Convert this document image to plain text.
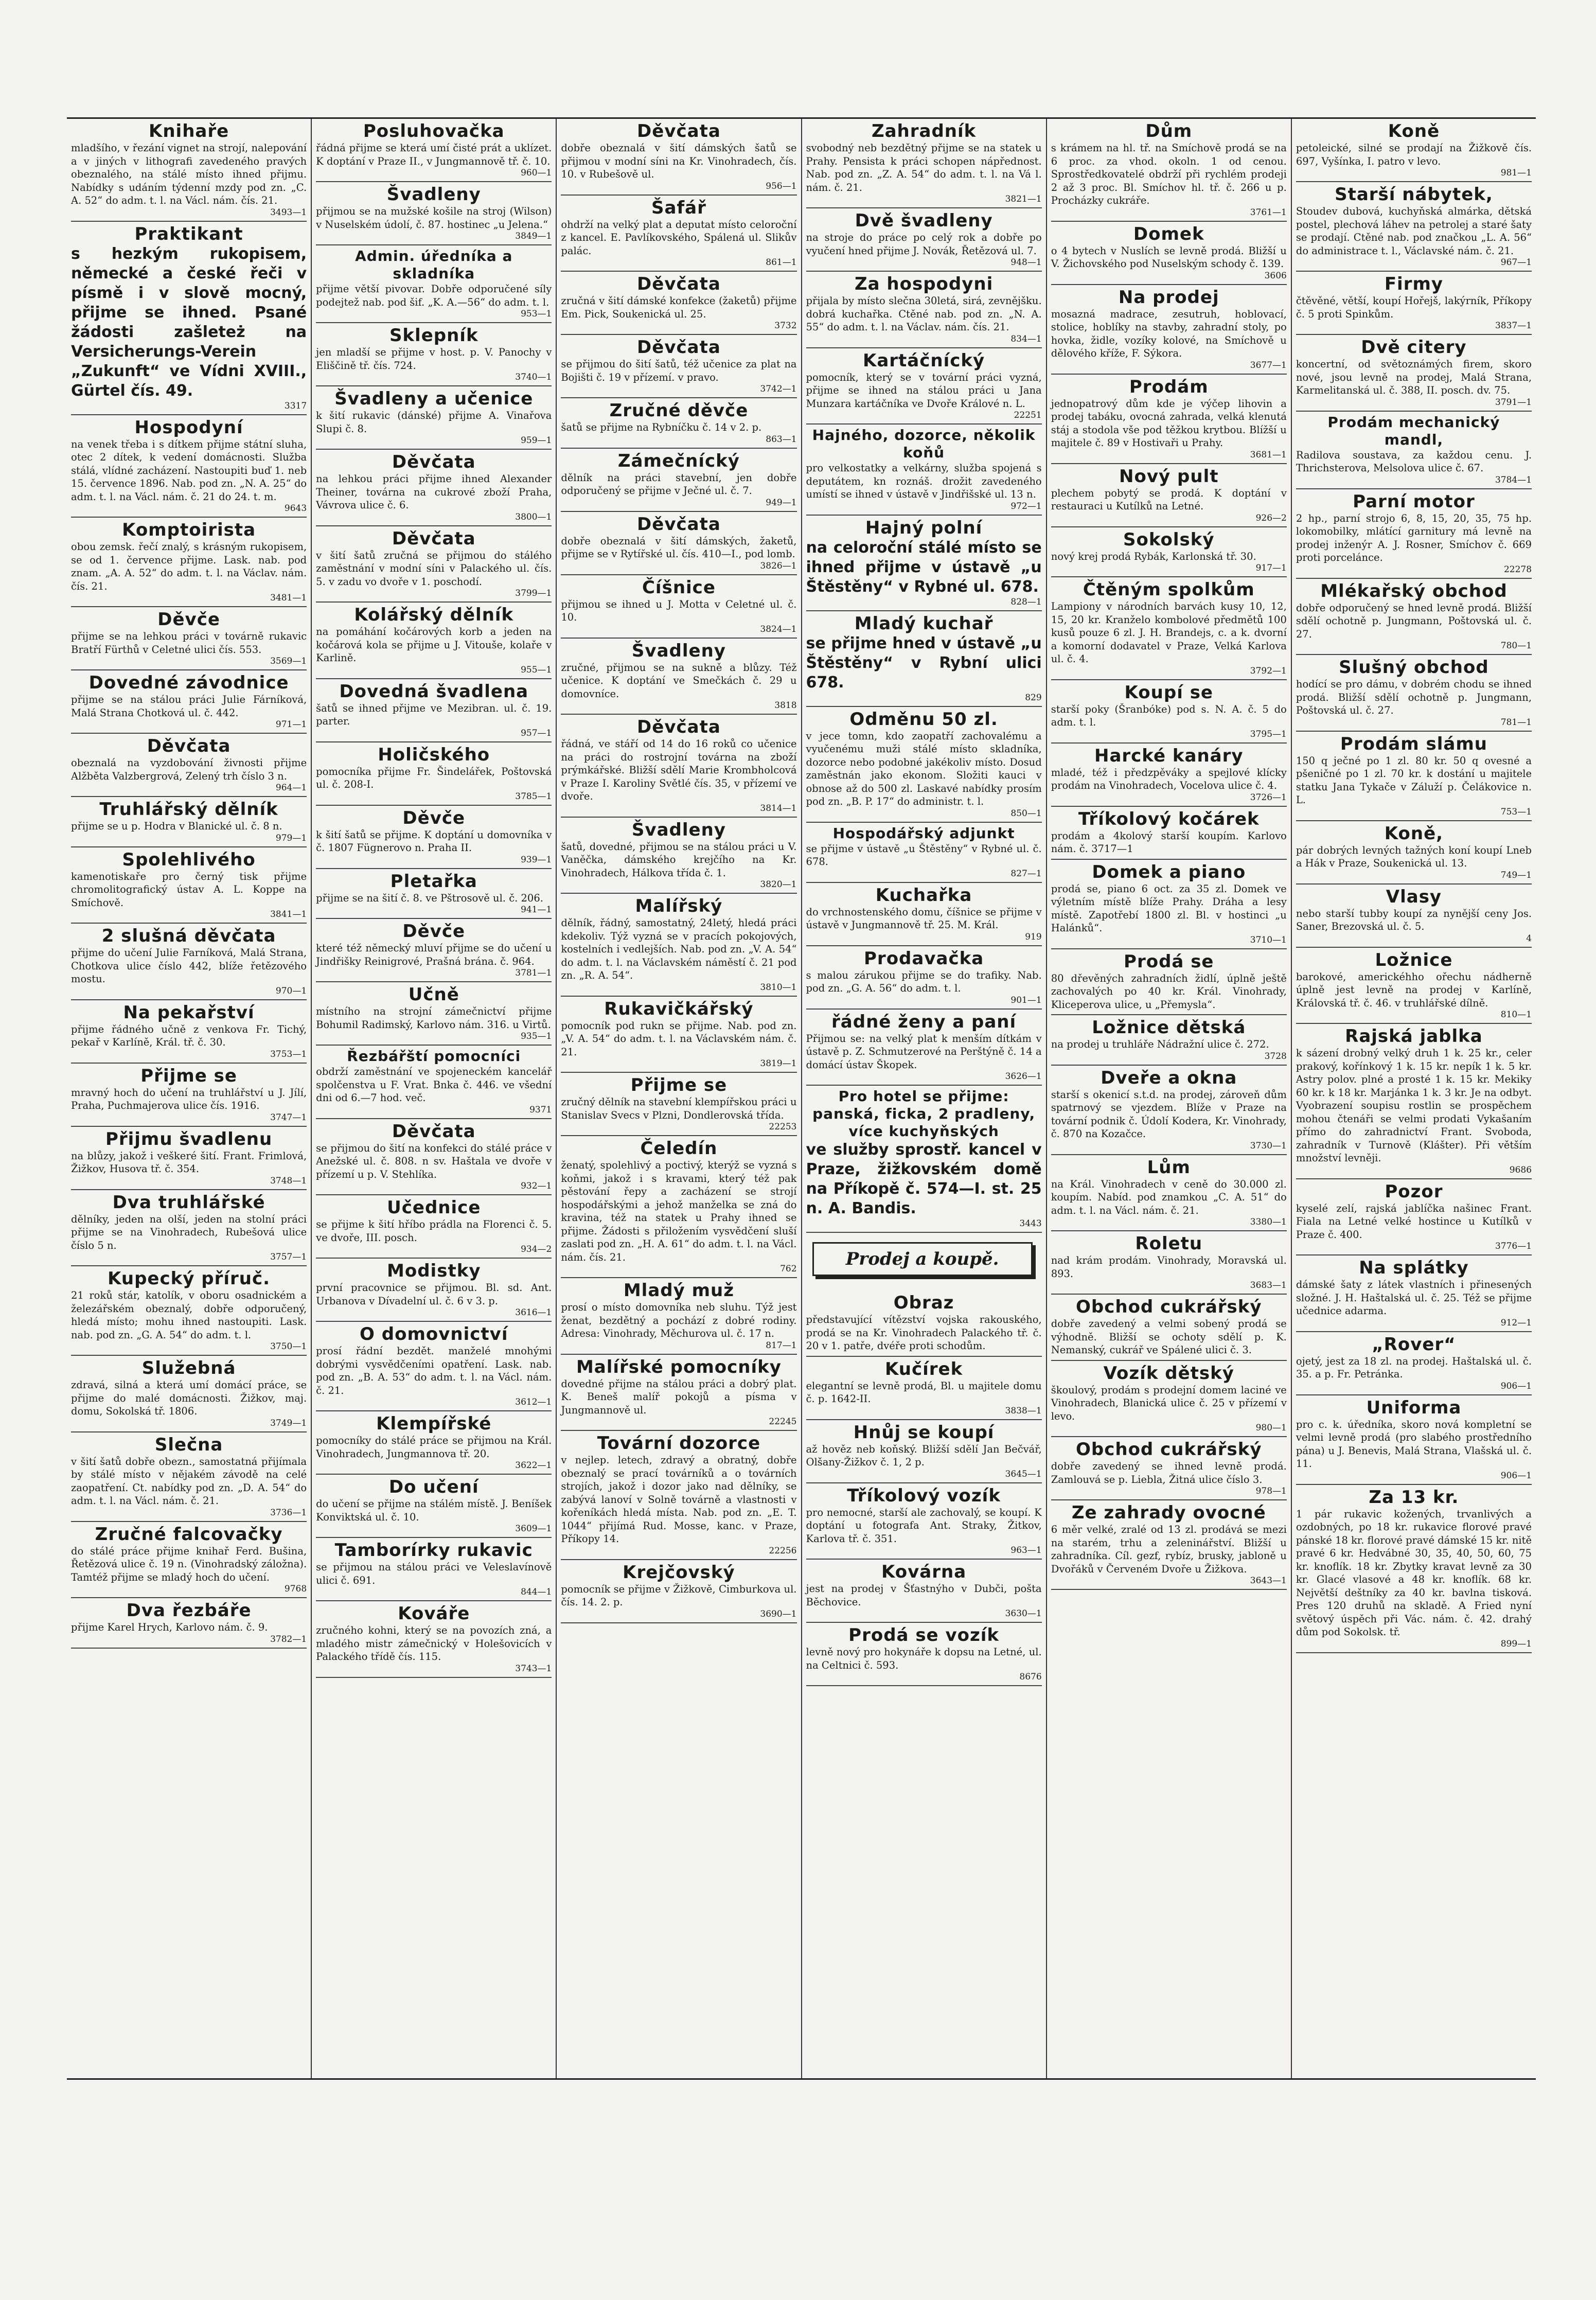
Knihaře

mladšího, v řezání vignet na strojí, nalepování a v jiných v lithografi zavedeného pravých obeznalého, na stálé místo ihned přijmu. Nabídky s udáním týdenní mzdy pod zn. „C. A. 52“ do adm. t. l. na Václ. nám. čís. 21.

3493—1
Praktikant

s hezkým rukopisem, německé a české řeči v písmě i v slově mocný, přijme se ihned. Psané žádosti zašleteż na Versicherungs-Verein „Zukunft“ ve Vídni XVIII., Gürtel čís. 49.

3317
Hospodyní

na venek třeba i s dítkem přijme státní sluha, otec 2 dítek, k vedení domácnosti. Služba stálá, vlídné zacházení. Nastoupiti buď 1. neb 15. července 1896. Nab. pod zn. „N. A. 25“ do adm. t. l. na Václ. nám. č. 21 do 24. t. m.

9643
Komptoirista

obou zemsk. řečí znalý, s krásným rukopisem, se od 1. července přijme. Lask. nab. pod znam. „A. A. 52“ do adm. t. l. na Václav. nám. čís. 21.

3481—1
Děvče

přijme se na lehkou práci v továrně rukavic Bratří Fürthů v Celetné ulici čís. 553.

3569—1
Dovedné závodnice

přijme se na stálou práci Julie Fárníková, Malá Strana Chotková ul. č. 442.

971—1
Děvčata

obeznalá na vyzdobování živnosti přijme Alžběta Valzbergrová, Zelený trh číslo 3 n.

964—1
Truhlářský dělník

přijme se u p. Hodra v Blanické ul. č. 8 n.

979—1
Spolehlivého

kamenotiskaře pro černý tisk přijme chromolitografický ústav A. L. Koppe na Smíchově.

3841—1
2 slušná děvčata

přijme do učení Julie Farníková, Malá Strana, Chotkova ulice číslo 442, blíže řetězového mostu.

970—1
Na pekařství

přijme řádného učně z venkova Fr. Tichý, pekař v Karlíně, Král. tř. č. 30.

3753—1
Přijme se

mravný hoch do učení na truhlářství u J. Jílí, Praha, Puchmajerova ulice čís. 1916.

3747—1
Přijmu švadlenu

na blůzy, jakož i veškeré šití. Frant. Frimlová, Žižkov, Husova tř. č. 354.

3748—1
Dva truhlářské

dělníky, jeden na olší, jeden na stolní práci přijme se na Vinohradech, Rubešová ulice číslo 5 n.

3757—1
Kupecký příruč.

21 roků stár, katolík, v oboru osadnickém a železářském obeznalý, dobře odporučený, hledá místo; mohu ihned nastoupiti. Lask. nab. pod zn. „G. A. 54“ do adm. t. l.

3750—1
Služebná

zdravá, silná a která umí domácí práce, se přijme do malé domácnosti. Žižkov, maj. domu, Sokolská tř. 1806.

3749—1
Slečna

v šití šatů dobře obezn., samostatná přijímala by stálé místo v nějakém závodě na celé zaopatření. Ct. nabídky pod zn. „D. A. 54“ do adm. t. l. na Václ. nám. č. 21.

3736—1
Zručné falcovačky

do stálé práce přijme knihař Ferd. Bušina, Řetězová ulice č. 19 n. (Vinohradský záložna). Tamtéž přijme se mladý hoch do učení.

9768
Dva řezbáře

přijme Karel Hrych, Karlovo nám. č. 9.

3782—1
Posluhovačka

řádná přijme se která umí čisté prát a uklízet. K doptání v Praze II., v Jungmannově tř. č. 10.

960—1
Švadleny

přijmou se na mužské košile na stroj (Wilson) v Nuselském údolí, č. 87. hostinec „u Jelena.“

3849—1
Admin. úředníka a skladníka

přijme větší pivovar. Dobře odporučené síly podejtež nab. pod šif. „K. A.—56“ do adm. t. l.

953—1
Sklepník

jen mladší se přijme v host. p. V. Panochy v Eliščině tř. čís. 724.

3740—1
Švadleny a učenice

k šití rukavic (dánské) přijme A. Vinařova Slupi č. 8.

959—1
Děvčata

na lehkou práci přijme ihned Alexander Theiner, továrna na cukrové zboží Praha, Vávrova ulice č. 6.

3800—1
Děvčata

v šití šatů zručná se přijmou do stálého zaměstnání v modní síni v Palackého ul. čís. 5. v zadu vo dvoře v 1. poschodí.

3799—1
Kolářský dělník

na pomáhání kočárových korb a jeden na kočárová kola se přijme u J. Vitouše, kolaře v Karlině.

955—1
Dovedná švadlena

šatů se ihned přijme ve Mezibran. ul. č. 19. parter.

957—1
Holičského

pomocníka přijme Fr. Šindelářek, Poštovská ul. č. 208-I.

3785—1
Děvče

k šití šatů se přijme. K doptání u domovníka v č. 1807 Fügnerovo n. Praha II.

939—1
Pletařka

přijme se na šití č. 8. ve Pštrosově ul. č. 206.

941—1
Děvče

které též německý mluví přijme se do učení u Jindřišky Reinigrové, Prašná brána. č. 964.

3781—1
Učně

místního na strojní zámečnictví přijme Bohumil Radimský, Karlovo nám. 316. u Virtů.

935—1
Řezbářští pomocníci

obdrží zaměstnání ve spojeneckém kancelář spolčenstva u F. Vrat. Bnka č. 446. ve všední dni od 6.—7 hod. več.

9371
Děvčata

se přijmou do šití na konfekci do stálé práce v Anežské ul. č. 808. n sv. Haštala ve dvoře v přízemí u p. V. Stehlíka.

932—1
Učednice

se přijme k šití hříbo prádla na Florenci č. 5. ve dvoře, III. posch.

934—2
Modistky

první pracovnice se přijmou. Bl. sd. Ant. Urbanova v Dívadelní ul. č. 6 v 3. p.

3616—1
O domovnictví

prosí řádní bezdět. manželé mnohými dobrými vysvědčeními opatření. Lask. nab. pod zn. „B. A. 53“ do adm. t. l. na Václ. nám. č. 21.

3612—1
Klempířské

pomocníky do stálé práce se přijmou na Král. Vinohradech, Jungmannova tř. 20.

3622—1
Do učení

do učení se přijme na stálém místě. J. Beníšek Konviktská ul. č. 10.

3609—1
Tamborírky rukavic

se přijmou na stálou práci ve Veleslavínově ulici č. 691.

844—1
Kováře

zručného kohni, který se na povozích zná, a mladého mistr zámečnický v Holešovicích v Palackého třídě čís. 115.

3743—1
Děvčata

dobře obeznalá v šití dámských šatů se přijmou v modní síni na Kr. Vinohradech, čís. 10. v Rubešově ul.

956—1
Šafář

ohdrží na velký plat a deputat místo celoroční z kancel. E. Pavlíkovského, Spálená ul. Slikův palác.

861—1
Děvčata

zručná v šití dámské konfekce (žaketů) přijme Em. Pick, Soukenická ul. 25.

3732
Děvčata

se přijmou do šití šatů, též učenice za plat na Bojišti č. 19 v přízemí. v pravo.

3742—1
Zručné děvče

šatů se přijme na Rybníčku č. 14 v 2. p.

863—1
Zámečnícký

dělník na práci stavební, jen dobře odporučený se přijme v Ječné ul. č. 7.

949—1
Děvčata

dobře obeznalá v šití dámských, žaketů, přijme se v Rytířské ul. čís. 410—I., pod lomb.

3826—1
Číšnice

přijmou se ihned u J. Motta v Celetné ul. č. 10.

3824—1
Švadleny

zručné, přijmou se na sukně a blůzy. Též učenice. K doptání ve Smečkách č. 29 u domovníce.

3818
Děvčata

řádná, ve stáří od 14 do 16 roků co učenice na práci do rostrojní továrna na zboží prýmkářské. Bližší sdělí Marie Krombholcová v Praze I. Karoliny Světlé čís. 35, v přízemí ve dvoře.

3814—1
Švadleny

šatů, dovedné, přijmou se na stálou práci u V. Vaněčka, dámského krejčího na Kr. Vinohradech, Hálkova třída č. 1.

3820—1
Malířský

dělník, řádný, samostatný, 24letý, hledá práci kdekoliv. Týž vyzná se v pracích pokojových, kostelních i vedlejších. Nab. pod zn. „V. A. 54“ do adm. t. l. na Václavském náměstí č. 21 pod zn. „R. A. 54“.

3810—1
Rukavičkářský

pomocník pod rukn se přijme. Nab. pod zn. „V. A. 54“ do adm. t. l. na Václavském nám. č. 21.

3819—1
Přijme se

zručný dělník na stavební klempířskou práci u Stanislav Svecs v Plzni, Dondlerovská třída.

22253
Čeledín

ženatý, spolehlivý a poctivý, kterýž se vyzná s koňmi, jakož i s kravami, který též pak pěstování řepy a zacházení se strojí hospodářskými a jehož manželka se zná do kravina, též na statek u Prahy ihned se přijme. Žádosti s přiložením vysvědčení sluší zaslati pod zn. „H. A. 61“ do adm. t. l. na Václ. nám. čís. 21.

762
Mladý muž

prosí o místo domovníka neb sluhu. Týž jest ženat, bezdětný a pochází z dobré rodiny. Adresa: Vinohrady, Měchurova ul. č. 17 n.

817—1
Malířské pomocníky

dovedné přijme na stálou práci a dobrý plat. K. Beneš malíř pokojů a písma v Jungmannově ul.

22245
Tovární dozorce

v nejlep. letech, zdravý a obratný, dobře obeznalý se prací továrníků a o továrních strojích, jakož i dozor jako nad dělníky, se zabývá lanoví v Solně továrně a vlastnosti v kořeníkách hledá místa. Nab. pod zn. „E. T. 1044“ přijímá Rud. Mosse, kanc. v Praze, Příkopy 14.

22256
Krejčovský

pomocník se přijme v Žižkově, Cimburkova ul. čís. 14. 2. p.

3690—1
Zahradník

svobodný neb bezdětný přijme se na statek u Prahy. Pensista k práci schopen nápřednost. Nab. pod zn. „Z. A. 54“ do adm. t. l. na Vá l. nám. č. 21.

3821—1
Dvě švadleny

na stroje do práce po celý rok a dobře po vyučení hned přijme J. Novák, Řetězová ul. 7.

948—1
Za hospodyni

přijala by místo slečna 30letá, sirá, zevnějšku. dobrá kuchařka. Ctěné nab. pod zn. „N. A. 55“ do adm. t. l. na Václav. nám. čís. 21.

834—1
Kartáčnícký

pomocník, který se v tovární práci vyzná, přijme se ihned na stálou práci u Jana Munzara kartáčníka ve Dvoře Králové n. L.

22251
Hajného, dozorce, několik koňů

pro velkostatky a velkárny, služba spojená s deputátem, kn roznáš. drožit zavedeného umístí se ihned v ústavě v Jindřišské ul. 13 n.

972—1
Hajný polní

na celoroční stálé místo se ihned přijme v ústavě „u Štěstěny“ v Rybné ul. 678.

828—1
Mladý kuchař

se přijme hned v ústavě „u Štěstěny“ v Rybní ulici 678.

829
Odměnu 50 zl.

v jece tomn, kdo zaopatří zachovalému a vyučenému muži stálé místo skladníka, dozorce nebo podobné jakékoliv místo. Dosud zaměstnán jako ekonom. Složiti kauci v obnose až do 500 zl. Laskavé nabídky prosím pod zn. „B. P. 17“ do administr. t. l.

850—1
Hospodářský adjunkt

se přijme v ústavě „u Štěstěny“ v Rybné ul. č. 678.

827—1
Kuchařka

do vrchnostenského domu, číšnice se přijme v ústavě v Jungmannově tř. 25. M. Král.

919
Prodavačka

s malou zárukou přijme se do trafiky. Nab. pod zn. „G. A. 56“ do adm. t. l.

901—1
řádné ženy a paní

Přijmou se: na velký plat k menším dítkám v ústavě p. Z. Schmutzerové na Perštýně č. 14 a domácí ústav Škopek.

3626—1
Pro hotel se přijme: panská, ficka, 2 pradleny, více kuchyňských

ve služby sprostř. kancel v Praze, žižkovském domě na Příkopě č. 574—I. st. 25 n. A. Bandis.

3443
Prodej a koupě.
Obraz

představující vítězství vojska rakouského, prodá se na Kr. Vinohradech Palackého tř. č. 20 v 1. patře, dvéře proti schodům.

Kučírek

elegantní se levně prodá, Bl. u majitele domu č. p. 1642-II.

3838—1
Hnůj se koupí

až hověz neb koňský. Bližší sdělí Jan Bečvář, Olšany-Žižkov č. 1, 2 p.

3645—1
Tříkolový vozík

pro nemocné, starší ale zachovalý, se koupí. K doptání u fotografa Ant. Straky, Žitkov, Karlova tř. č. 351.

963—1
Kovárna

jest na prodej v Šťastnýho v Dubči, pošta Běchovice.

3630—1
Prodá se vozík

levně nový pro hokynáře k dopsu na Letné, ul. na Celtnici č. 593.

8676
Dům

s krámem na hl. tř. na Smíchově prodá se na 6 proc. za vhod. okoln. 1 od cenou. Sprostředkovatelé obdrží při rychlém prodeji 2 až 3 proc. Bl. Smíchov hl. tř. č. 266 u p. Procházky cukráře.

3761—1
Domek

o 4 bytech v Nuslích se levně prodá. Bližší u V. Žichovského pod Nuselským schody č. 139.

3606
Na prodej

mosazná madrace, zesutruh, hoblovací, stolice, hoblíky na stavby, zahradní stoly, po hovka, židle, vozíky kolové, na Smíchově u dělového kříže, F. Sýkora.

3677—1
Prodám

jednopatrový dům kde je výčep lihovin a prodej tabáku, ovocná zahrada, velká klenutá stáj a stodola vše pod těžkou krytbou. Blížší u majitele č. 89 v Hostivaři u Prahy.

3681—1
Nový pult

plechem pobytý se prodá. K doptání v restauraci u Kutílků na Letné.

926—2
Sokolský

nový krej prodá Rybák, Karlonská tř. 30.

917—1
Čtěným spolkům

Lampiony v národních barvách kusy 10, 12, 15, 20 kr. Kranželo kombolové předmětů 100 kusů pouze 6 zl. J. H. Brandejs, c. a k. dvorní a komorní dodavatel v Praze, Velká Karlova ul. č. 4.

3792—1
Koupí se

starší poky (Šranbóke) pod s. N. A. č. 5 do adm. t. l.

3795—1
Harcké kanáry

mladé, též i předzpěváky a spejlové klícky prodám na Vinohradech, Vocelova ulice č. 4.

3726—1
Tříkolový kočárek

prodám a 4kolový starší koupím. Karlovo nám. č. 3717—1

Domek a piano

prodá se, piano 6 oct. za 35 zl. Domek ve výletním místě blíže Prahy. Dráha a lesy místě. Zapotřebí 1800 zl. Bl. v hostinci „u Halánků“.

3710—1
Prodá se

80 dřevěných zahradních židlí, úplně ještě zachovalých po 40 kr. Král. Vinohrady, Kliceperova ulice, u „Přemysla“.

Ložnice dětská

na prodej u truhláře Nádražní ulice č. 272.

3728
Dveře a okna

starší s okenicí s.t.d. na prodej, zároveň dům spatrnový se vjezdem. Blíže v Praze na tovární podnik č. Údolí Kodera, Kr. Vinohrady, č. 870 na Kozačce.

3730—1
Lům

na Král. Vinohradech v ceně do 30.000 zl. koupím. Nabíd. pod znamkou „C. A. 51“ do adm. t. l. na Václ. nám. č. 21.

3380—1
Roletu

nad krám prodám. Vinohrady, Moravská ul. 893.

3683—1
Obchod cukrářský

dobře zavedený a velmi sobený prodá se výhodně. Bližší se ochoty sdělí p. K. Nemanský, cukrář ve Spálené ulici č. 3.

Vozík dětský

škoulový, prodám s prodejní domem laciné ve Vinohradech, Blanická ulice č. 25 v přízemí v levo.

980—1
Obchod cukrářský

dobře zavedený se ihned levně prodá. Zamlouvá se p. Liebla, Žitná ulice číslo 3.

978—1
Ze zahrady ovocné

6 měr velké, zralé od 13 zl. prodává se mezi na starém, trhu a zeleninářství. Bližší u zahradníka. Cíl. gezf, rybíz, brusky, jabloně u Dvořáků v Červeném Dvoře u Žižkova.

3643—1
Koně

petoleické, silné se prodají na Žižkově čís. 697, Vyšínka, I. patro v levo.

981—1
Starší nábytek,

Stoudev dubová, kuchyňská almárka, dětská postel, plechová láhev na petrolej a staré šaty se prodají. Ctěné nab. pod značkou „L. A. 56“ do administrace t. l., Václavské nám. č. 21.

967—1
Firmy

čtěvěné, větší, koupí Hořejš, lakýrník, Příkopy č. 5 proti Spinkům.

3837—1
Dvě citery

koncertní, od světoznámých firem, skoro nové, jsou levně na prodej, Malá Strana, Karmelitanská ul. č. 388, II. posch. dv. 75.

3791—1
Prodám mechanický mandl,

Radilova soustava, za každou cenu. J. Thrichsterova, Melsolova ulice č. 67.

3784—1
Parní motor

2 hp., parní strojo 6, 8, 15, 20, 35, 75 hp. lokomobilky, mlátící garnitury má levně na prodej inženýr A. J. Rosner, Smíchov č. 669 proti porcelánce.

22278
Mlékařský obchod

dobře odporučený se hned levně prodá. Bližší sdělí ochotně p. Jungmann, Poštovská ul. č. 27.

780—1
Slušný obchod

hodící se pro dámu, v dobrém chodu se ihned prodá. Bližší sdělí ochotně p. Jungmann, Poštovská ul. č. 27.

781—1
Prodám slámu

150 q ječné po 1 zl. 80 kr. 50 q ovesné a pšeničné po 1 zl. 70 kr. k dostání u majitele statku Jana Tykače v Záluží p. Čelákovice n. L.

753—1
Koně,

pár dobrých levných tažných koní koupí Lneb a Hák v Praze, Soukenická ul. 13.

749—1
Vlasy

nebo starší tubby koupí za nynější ceny Jos. Saner, Brezovská ul. č. 5.

4
Ložnice

barokové, americkéhho ořechu nádherně úplně jest levně na prodej v Karlíně, Královská tř. č. 46. v truhlářské dílně.

810—1
Rajská jablka

k sázení drobný velký druh 1 k. 25 kr., celer prakový, kořínkový 1 k. 15 kr. nepík 1 k. 5 kr. Astry polov. plné a prosté 1 k. 15 kr. Mekiky 60 kr. k 18 kr. Marjánka 1 k. 3 kr. Je na odbyt. Vyobrazení soupisu rostlin se prospěchem mohou čtenáři se velmi prodati Vykašaním přímo do zahradnictví Frant. Svoboda, zahradník v Turnově (Klášter). Při větším množství levněji.

9686
Pozor

kyselé zelí, rajská jablíčka našinec Frant. Fiala na Letné velké hostince u Kutílků v Praze č. 400.

3776—1
Na splátky

dámské šaty z látek vlastních i přinesených složné. J. H. Haštalská ul. č. 25. Též se přijme učednice adarma.

912—1
„Rover“

ojetý, jest za 18 zl. na prodej. Haštalská ul. č. 35. a p. Fr. Petránka.

906—1
Uniforma

pro c. k. úředníka, skoro nová kompletní se velmi levně prodá (pro slabého prostředního pána) u J. Benevis, Malá Strana, Vlašská ul. č. 11.

906—1
Za 13 kr.

1 pár rukavic kožených, trvanlivých a ozdobných, po 18 kr. rukavice florové pravé pánské 18 kr. florové pravé dámské 15 kr. nitě pravé 6 kr. Hedvábné 30, 35, 40, 50, 60, 75 kr. knoflík. 18 kr. Zbytky kravat levně za 30 kr. Glacé vlasové a 48 kr. knoflík. 68 kr. Největší deštníky za 40 kr. bavlna tisková. Pres 120 druhů na skladě. A Fried nyní světový úspěch při Vác. nám. č. 42. drahý dům pod Sokolsk. tř.

899—1
